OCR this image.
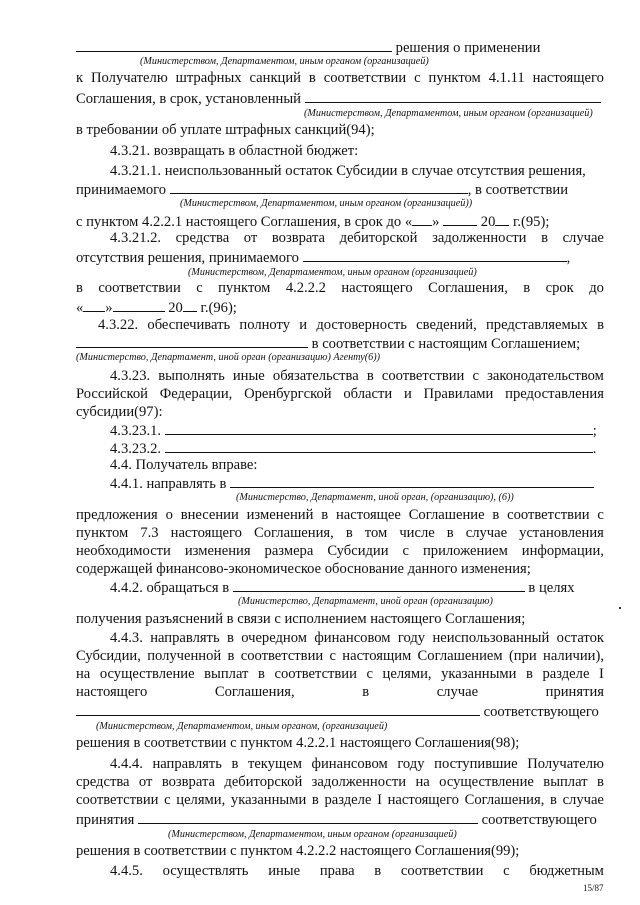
решения о применении
(Министерством, Департаментом, иным органом (организацией)
к Получателю штрафных санкций в соответствии с пунктом 4.1.11 настоящего
Соглашения, в срок, установленный
(Министерством, Департаментом, иным органом (организацией)
в требовании об уплате штрафных санкций(94);
4.3.21. возвращать в областной бюджет:
4.3.21.1. неиспользованный остаток Субсидии в случае отсутствия решения,
принимаемого	, в соответствии
(Министерством, Департаментом, иным органом (организацией))
с пунктом 4.2.2.1 настоящего Соглашения, в срок до « »	20 г.(95);
4.3.21.2. средства от возврата дебиторской задолженности в случае
отсутствия решения, принимаемого	,
(Министерством, Департаментом, иным органом (организацией)
в соответствии с пунктом 4.2.2.2 настоящего Соглашения, в срок до
« »	20 г.(96);
4.3.22. обеспечивать полноту и достоверность сведений, представляемых в
в соответствии с настоящим Соглашением;
(Министерство, Департамент, иной орган (организацию) Агенту(6))
4.3.23. выполнять иные обязательства в соответствии с законодательством
Российской Федерации, Оренбургской области и Правилами предоставления
субсидии(97):
4.3.23.1.	;
4.3.23.2.	.
4.4. Получатель вправе:
4.4.1. направлять в
(Министерство, Департамент, иной орган, (организацию), (6))
предложения о внесении изменений в настоящее Соглашение в соответствии с
пунктом 7.3 настоящего Соглашения, в том числе в случае установления
необходимости изменения размера Субсидии с приложением информации,
содержащей финансово-экономическое обоснование данного изменения;
4.4.2. обращаться в	в целях
(Министерство, Департамент, иной орган (организацию)
получения разъяснений в связи с исполнением настоящего Соглашения;
4.4.3. направлять в очередном финансовом году неиспользованный остаток
Субсидии, полученной в соответствии с настоящим Соглашением (при наличии),
на осуществление выплат в соответствии с целями, указанными в разделе I
настоящего	Соглашения,	в	случае	принятия
соответствующего
(Министерством, Департаментом, иным органом, (организацией)
решения в соответствии с пунктом 4.2.2.1 настоящего Соглашения(98);
4.4.4. направлять в текущем финансовом году поступившие Получателю
средства от возврата дебиторской задолженности на осуществление выплат в
соответствии с целями, указанными в разделе I настоящего Соглашения, в случае
принятия	соответствующего
(Министерством, Департаментом, иным органом (организацией)
решения в соответствии с пунктом 4.2.2.2 настоящего Соглашения(99);
4.4.5. осуществлять иные права в соответствии с бюджетным
15/87
